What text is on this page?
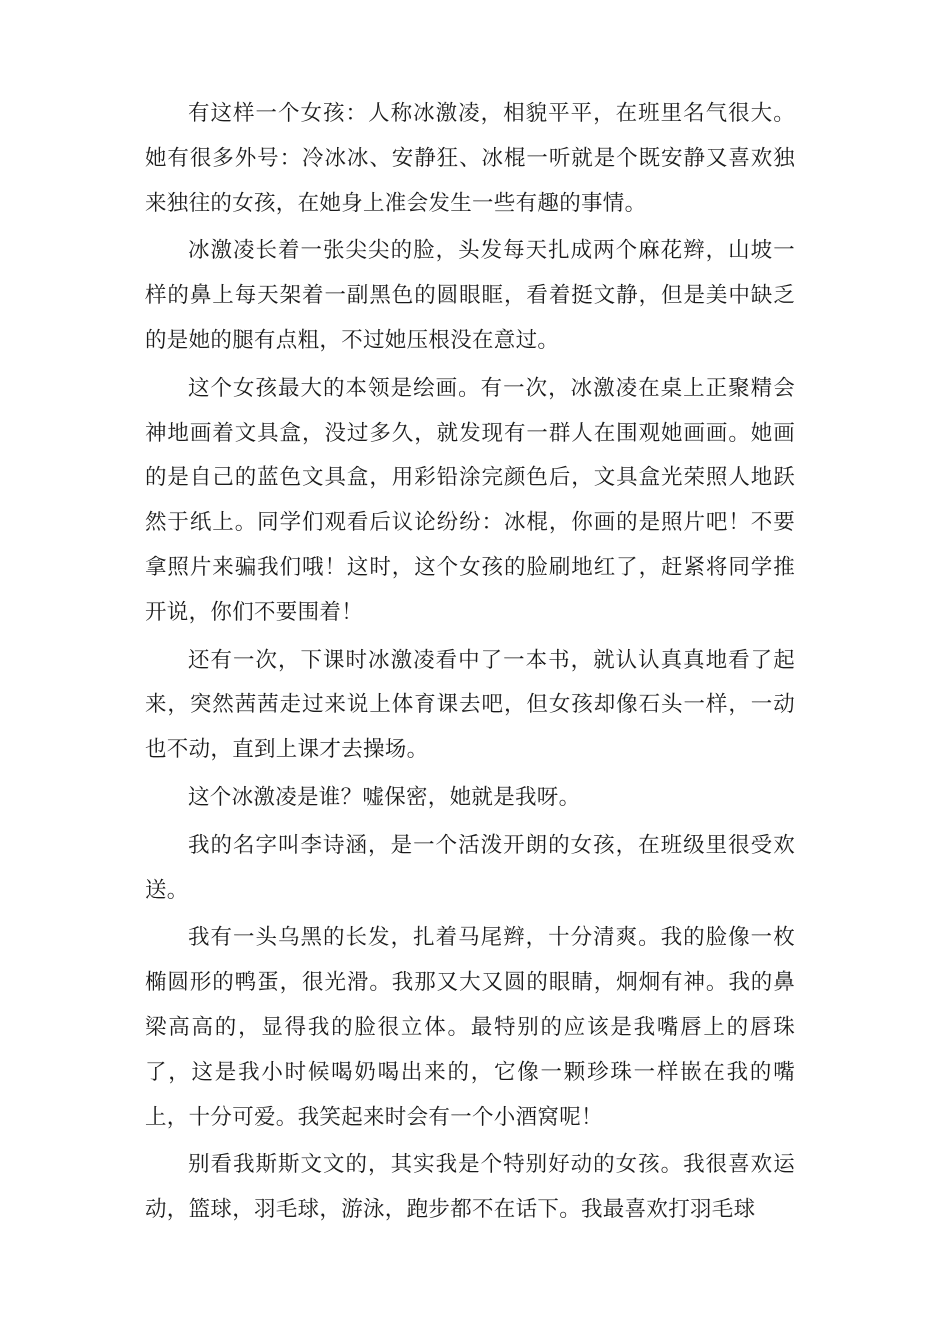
有这样一个女孩：人称冰激凌，相貌平平，在班里名气很大。她有很多外号：冷冰冰、安静狂、冰棍一听就是个既安静又喜欢独来独往的女孩，在她身上准会发生一些有趣的事情。

冰激凌长着一张尖尖的脸，头发每天扎成两个麻花辫，山坡一样的鼻上每天架着一副黑色的圆眼眶，看着挺文静，但是美中缺乏的是她的腿有点粗，不过她压根没在意过。

这个女孩最大的本领是绘画。有一次，冰激凌在桌上正聚精会神地画着文具盒，没过多久，就发现有一群人在围观她画画。她画的是自己的蓝色文具盒，用彩铅涂完颜色后，文具盒光荣照人地跃然于纸上。同学们观看后议论纷纷：冰棍，你画的是照片吧！不要拿照片来骗我们哦！这时，这个女孩的脸刷地红了，赶紧将同学推开说，你们不要围着！

还有一次，下课时冰激凌看中了一本书，就认认真真地看了起来，突然茜茜走过来说上体育课去吧，但女孩却像石头一样，一动也不动，直到上课才去操场。

这个冰激凌是谁？嘘保密，她就是我呀。

我的名字叫李诗涵，是一个活泼开朗的女孩，在班级里很受欢送。

我有一头乌黑的长发，扎着马尾辫，十分清爽。我的脸像一枚椭圆形的鸭蛋，很光滑。我那又大又圆的眼睛，炯炯有神。我的鼻梁高高的，显得我的脸很立体。最特别的应该是我嘴唇上的唇珠了，这是我小时候喝奶喝出来的，它像一颗珍珠一样嵌在我的嘴上，十分可爱。我笑起来时会有一个小酒窝呢！

别看我斯斯文文的，其实我是个特别好动的女孩。我很喜欢运动，篮球，羽毛球，游泳，跑步都不在话下。我最喜欢打羽毛球
